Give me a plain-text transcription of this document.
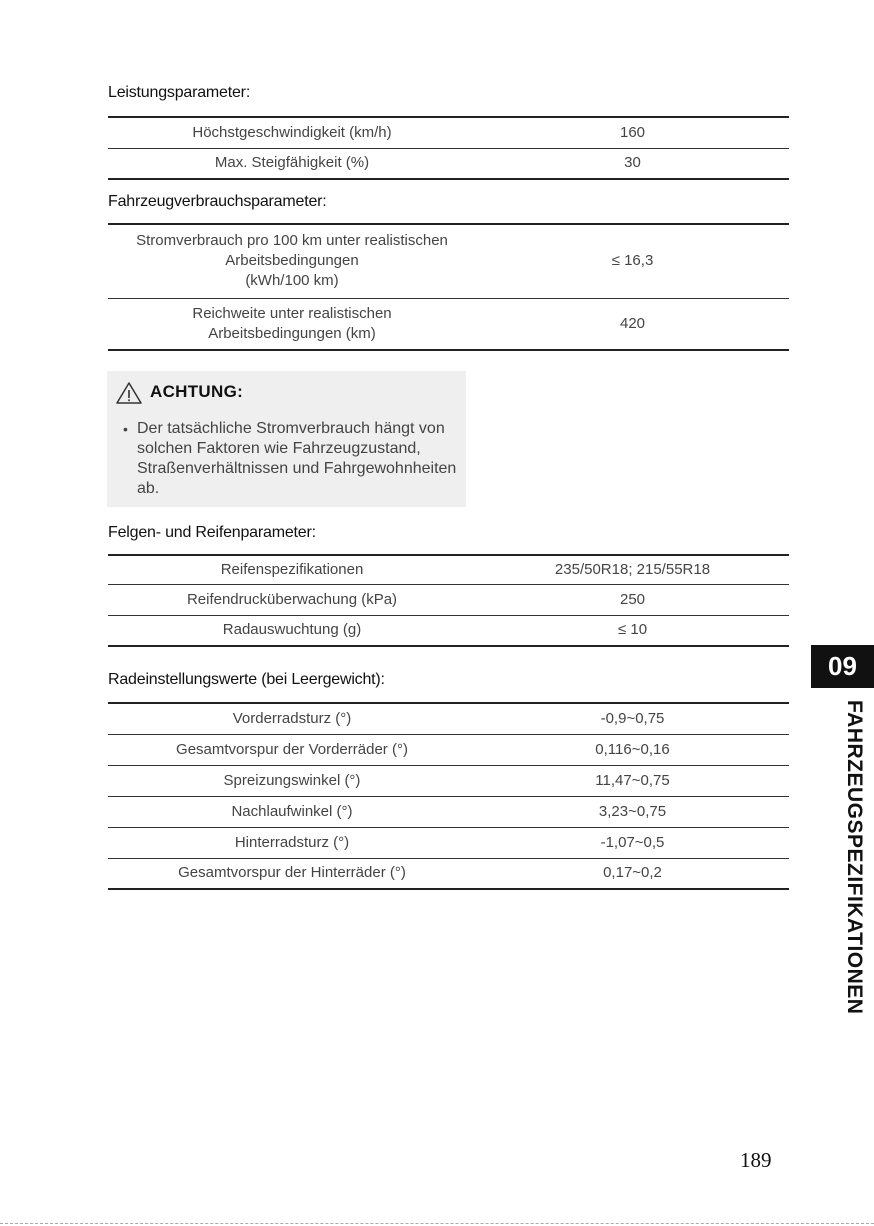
Leistungsparameter:
Höchstgeschwindigkeit (km/h)	160
Max. Steigfähigkeit (%)	30
Fahrzeugverbrauchsparameter:
Stromverbrauch pro 100 km unter realistischen
Arbeitsbedingungen
(kWh/100 km)	≤ 16,3

Reichweite unter realistischen
Arbeitsbedingungen (km)	420
ACHTUNG:
• Der tatsächliche Stromverbrauch hängt von solchen Faktoren wie Fahrzeugzustand, Straßenverhältnissen und Fahrgewohnheiten ab.
Felgen- und Reifenparameter:
Reifenspezifikationen	235/50R18; 215/55R18
Reifendrucküberwachung (kPa)	250
Radauswuchtung (g)	≤ 10
Radeinstellungswerte (bei Leergewicht):
Vorderradsturz (°)	-0,9~0,75
Gesamtvorspur der Vorderräder (°)	0,116~0,16
Spreizungswinkel (°)	11,47~0,75
Nachlaufwinkel (°)	3,23~0,75
Hinterradsturz (°)	-1,07~0,5
Gesamtvorspur der Hinterräder (°)	0,17~0,2
09
FAHRZEUGSPEZIFIKATIONEN
189
